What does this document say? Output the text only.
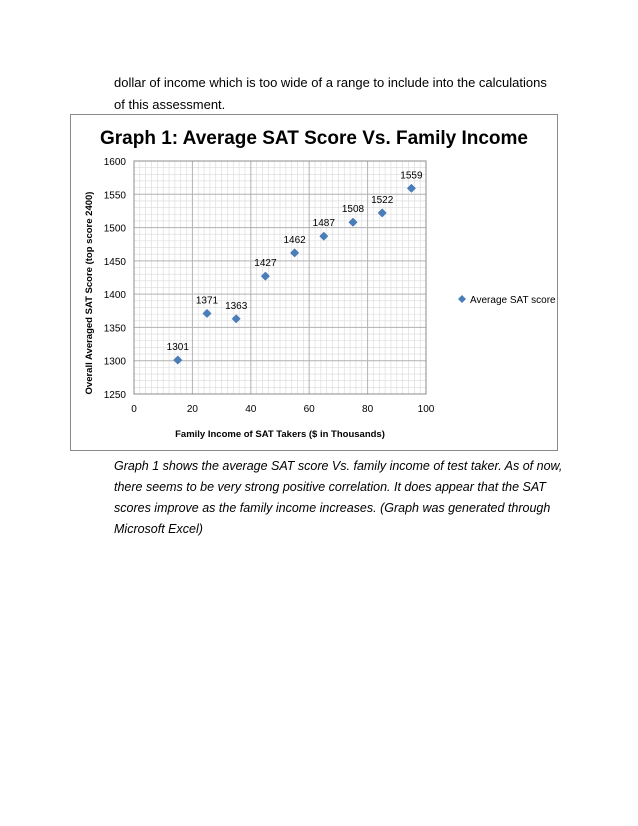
dollar of income which is too wide of a range to include into the calculations of this assessment.

Graph 1: Average SAT Score Vs. Family Income
0	20	40	60	80	100
1250
1300
1350
1400
1450
1500
1550
1600
1301
1371 1363
1427
1462
1487
1508
1522
1559
Family Income of SAT Takers ($ in Thousands)
Overall Averaged SAT Score (top score 2400)	Average SAT score

Graph 1 shows the average SAT score Vs. family income of test taker. As of now, there seems to be very strong positive correlation. It does appear that the SAT scores improve as the family income increases. (Graph was generated through Microsoft Excel)
